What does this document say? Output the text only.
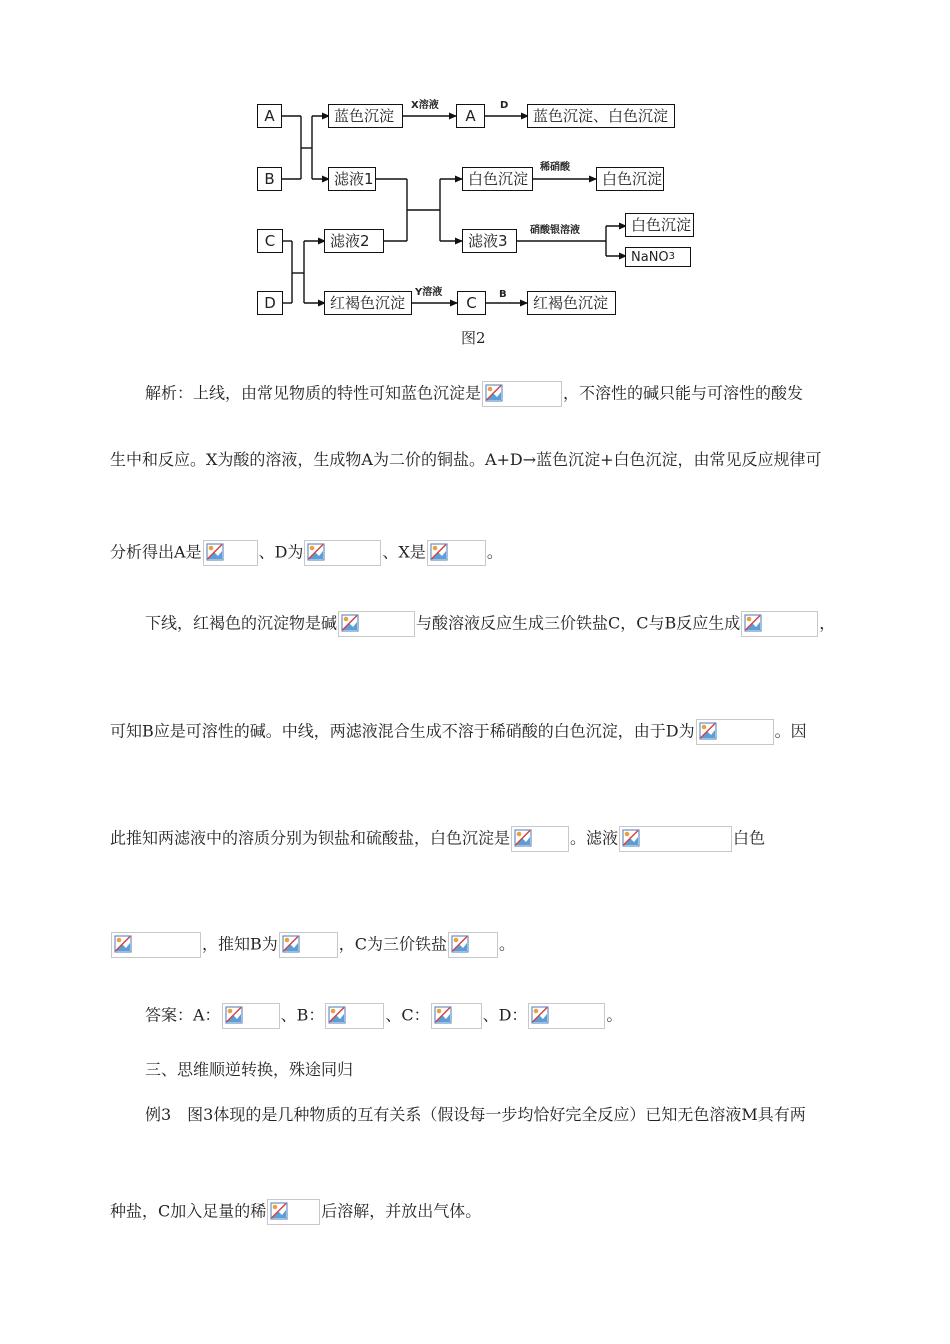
A
B
C
D
蓝色沉淀
滤液1
A	蓝色沉淀、白色沉淀
白色沉淀	白色沉淀
滤液2	滤液3
白色沉淀
NaNO 3
红褐色沉淀	C	红褐色沉淀
X溶液	D
稀硝酸
硝酸银溶液
Y溶液	B
图2
解析：上线，由常见物质的特性可知蓝色沉淀是	，不溶性的碱只能与可溶性的酸发
生中和反应。X为酸的溶液，生成物A为二价的铜盐。A+D→蓝色沉淀+白色沉淀，由常见反应规律可
分析得出A是	、D为	、X是	。
下线，红褐色的沉淀物是碱	与酸溶液反应生成三价铁盐C，C与B反应生成	，
可知B应是可溶性的碱。中线，两滤液混合生成不溶于稀硝酸的白色沉淀，由于D为	。因
此推知两滤液中的溶质分别为钡盐和硫酸盐，白色沉淀是	。滤液	白色
，推知B为	，C为三价铁盐	。
答案：A：	、B：	、C：	、D：	。
三、思维顺逆转换，殊途同归
例3　图3体现的是几种物质的互有关系（假设每一步均恰好完全反应）已知无色溶液M具有两
种盐，C加入足量的稀	后溶解，并放出气体。
